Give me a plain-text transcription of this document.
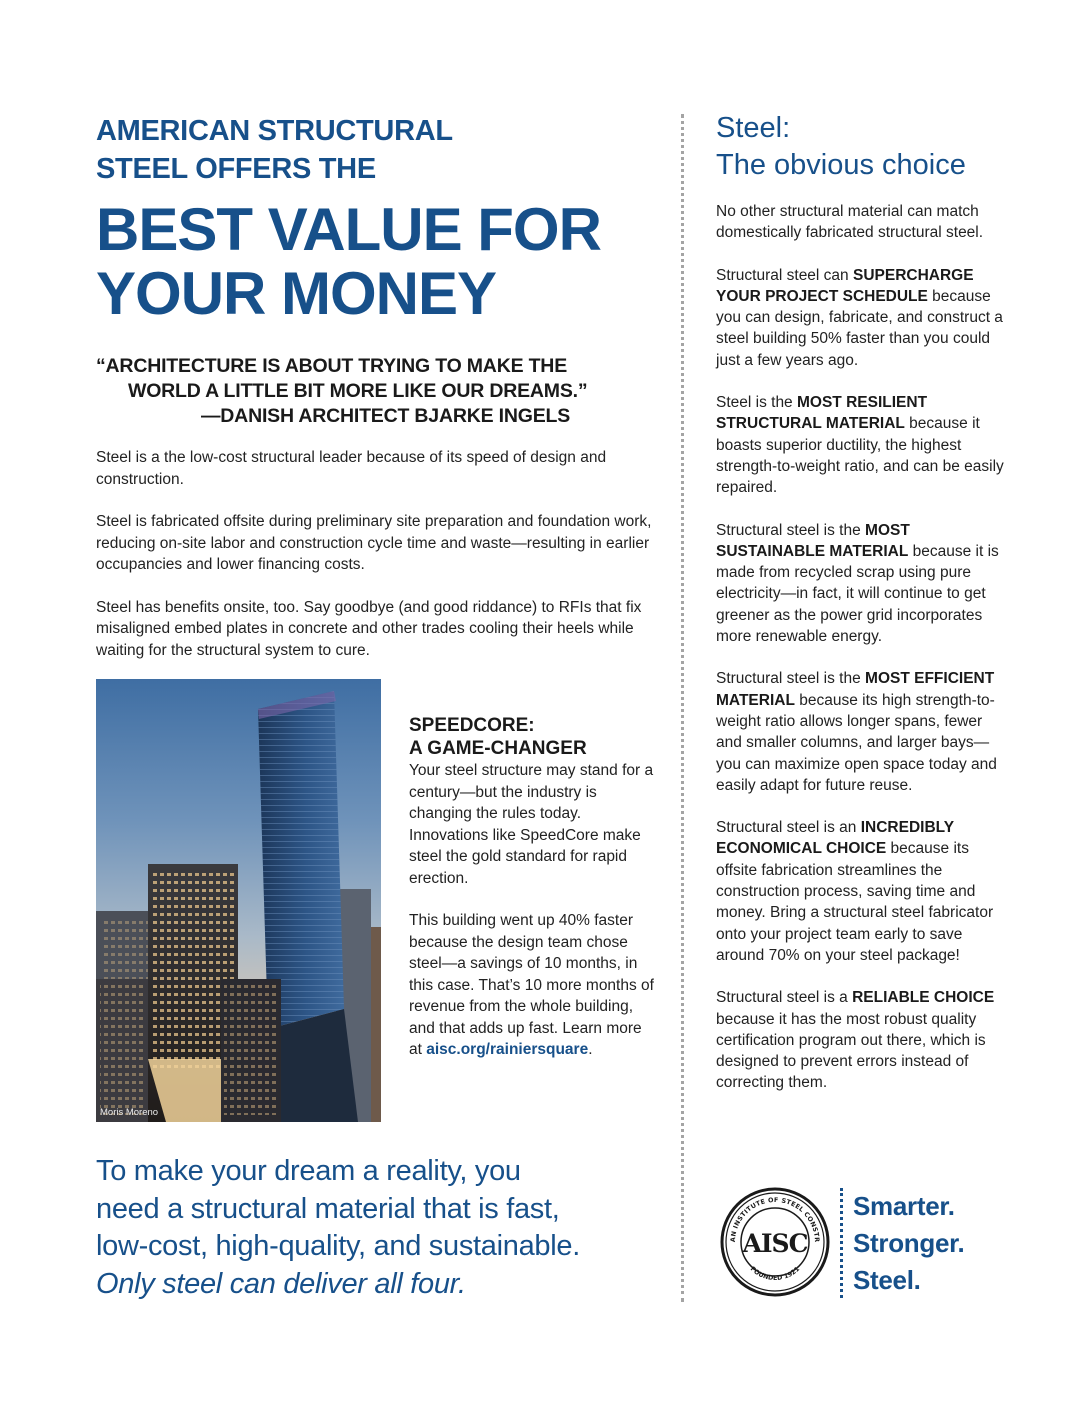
AMERICAN STRUCTURAL
STEEL OFFERS THE
BEST VALUE FOR
YOUR MONEY
“ARCHITECTURE IS ABOUT TRYING TO MAKE THE
WORLD A LITTLE BIT MORE LIKE OUR DREAMS.”
—DANISH ARCHITECT BJARKE INGELS

Steel is a the low-cost structural leader because of its speed of design and construction.

Steel is fabricated offsite during preliminary site preparation and foundation work, reducing on-site labor and construction cycle time and waste—resulting in earlier occupancies and lower financing costs.

Steel has benefits onsite, too. Say goodbye (and good riddance) to RFIs that fix misaligned embed plates in concrete and other trades cooling their heels while waiting for the structural system to cure.

Moris Moreno
SPEEDCORE:
A GAME-CHANGER

Your steel structure may stand for a century—but the industry is changing the rules today. Innovations like SpeedCore make steel the gold standard for rapid erection.

This building went up 40% faster because the design team chose steel—a savings of 10 months, in this case. That’s 10 more months of revenue from the whole building, and that adds up fast. Learn more at aisc.org/rainiersquare.

To make your dream a reality, you
need a structural material that is fast,
low-cost, high-quality, and sustainable.
Only steel can deliver all four.
Steel:
The obvious choice

No other structural material can match domestically fabricated structural steel.

Structural steel can SUPERCHARGE YOUR PROJECT SCHEDULE because you can design, fabricate, and construct a steel building 50% faster than you could just a few years ago.

Steel is the MOST RESILIENT STRUCTURAL MATERIAL because it boasts superior ductility, the highest strength-to-weight ratio, and can be easily repaired.

Structural steel is the MOST SUSTAINABLE MATERIAL because it is made from recycled scrap using pure electricity—in fact, it will continue to get greener as the power grid incorporates more renewable energy.

Structural steel is the MOST EFFICIENT MATERIAL because its high strength-to-weight ratio allows longer spans, fewer and smaller columns, and larger bays—you can maximize open space today and easily adapt for future reuse.

Structural steel is an INCREDIBLY ECONOMICAL CHOICE because its offsite fabrication streamlines the construction process, saving time and money. Bring a structural steel fabricator onto your project team early to save around 70% on your steel package!

Structural steel is a RELIABLE CHOICE because it has the most robust quality certification program out there, which is designed to prevent errors instead of correcting them.

AN INSTITUTE OF STEEL CONSTR
FOUNDED 1921
AISC
Smarter.
Stronger.
Steel.
